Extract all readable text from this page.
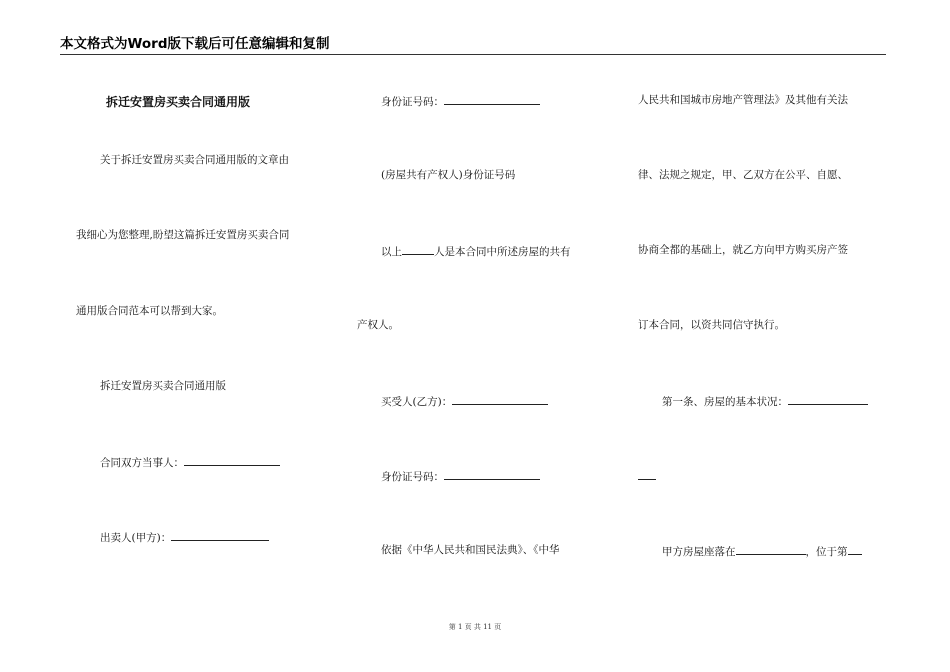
本文格式为Word版下载后可任意编辑和复制
拆迁安置房买卖合同通用版
关于拆迁安置房买卖合同通用版的文章由
我细心为您整理,盼望这篇拆迁安置房买卖合同
通用版合同范本可以帮到大家。
拆迁安置房买卖合同通用版
合同双方当事人：
出卖人(甲方)：
身份证号码：
(房屋共有产权人)身份证号码
以上	人是本合同中所述房屋的共有
产权人。
买受人(乙方)：
身份证号码：
依据《中华人民共和国民法典》、《中华
人民共和国城市房地产管理法》及其他有关法
律、法规之规定，甲、乙双方在公平、自愿、
协商全都的基础上，就乙方向甲方购买房产签
订本合同，以资共同信守执行。
第一条、房屋的基本状况：
甲方房屋座落在	，位于第
第 1 页 共 11 页
